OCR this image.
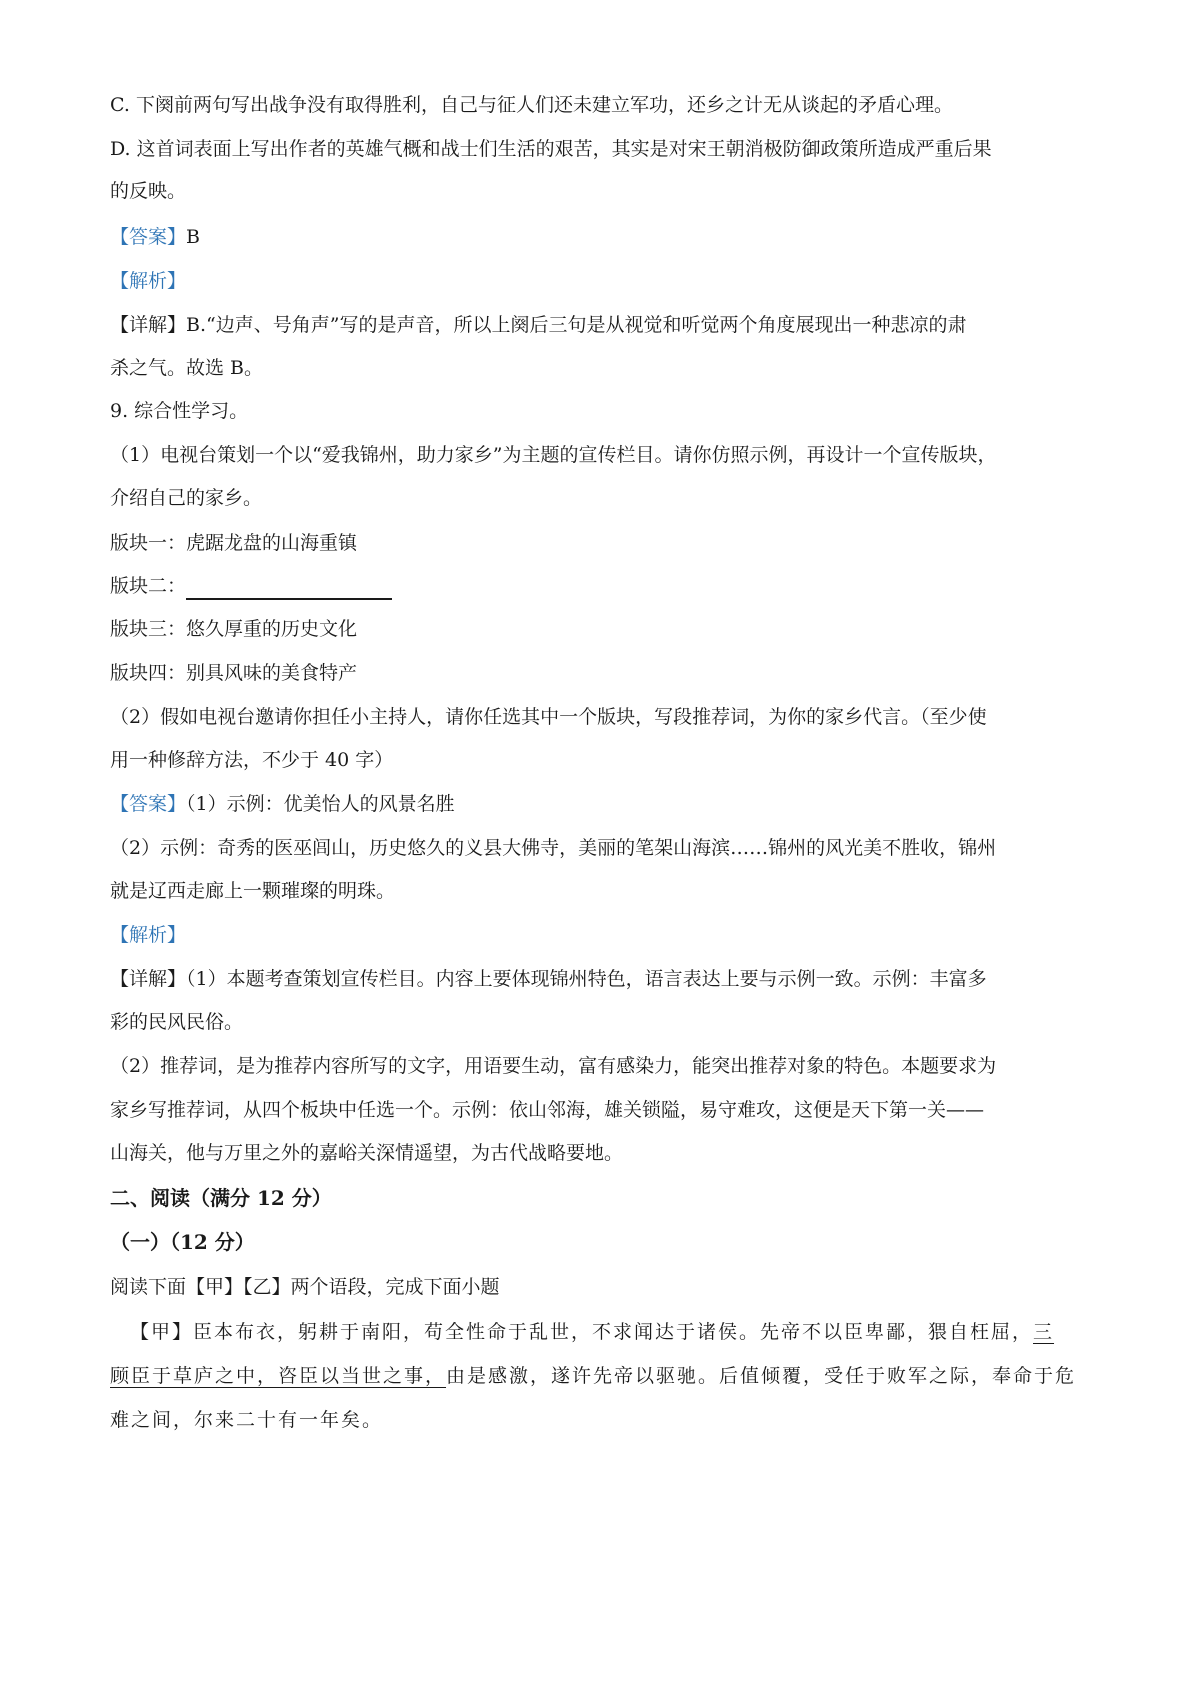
C. 下阕前两句写出战争没有取得胜利，自己与征人们还未建立军功，还乡之计无从谈起的矛盾心理。
D. 这首词表面上写出作者的英雄气概和战士们生活的艰苦，其实是对宋王朝消极防御政策所造成严重后果
的反映。
【答案】B
【解析】
【详解】B.“边声、号角声”写的是声音，所以上阕后三句是从视觉和听觉两个角度展现出一种悲凉的肃
杀之气。故选 B。
9. 综合性学习。
（1）电视台策划一个以“爱我锦州，助力家乡”为主题的宣传栏目。请你仿照示例，再设计一个宣传版块，
介绍自己的家乡。
版块一：虎踞龙盘的山海重镇
版块二：
版块三：悠久厚重的历史文化
版块四：别具风味的美食特产
（2）假如电视台邀请你担任小主持人，请你任选其中一个版块，写段推荐词，为你的家乡代言。（至少使
用一种修辞方法，不少于 40 字）
【答案】（1）示例：优美怡人的风景名胜
（2）示例：奇秀的医巫闾山，历史悠久的义县大佛寺，美丽的笔架山海滨……锦州的风光美不胜收，锦州
就是辽西走廊上一颗璀璨的明珠。
【解析】
【详解】（1）本题考查策划宣传栏目。内容上要体现锦州特色，语言表达上要与示例一致。示例：丰富多
彩的民风民俗。
（2）推荐词，是为推荐内容所写的文字，用语要生动，富有感染力，能突出推荐对象的特色。本题要求为
家乡写推荐词，从四个板块中任选一个。示例：依山邻海，雄关锁隘，易守难攻，这便是天下第一关——
山海关，他与万里之外的嘉峪关深情遥望，为古代战略要地。
二、阅读（满分 12 分）
（一）（12 分）
阅读下面【甲】【乙】两个语段，完成下面小题
【甲】臣本布衣，躬耕于南阳，苟全性命于乱世，不求闻达于诸侯。先帝不以臣卑鄙，猥自枉屈，三
顾臣于草庐之中，咨臣以当世之事，由是感激，遂许先帝以驱驰。后值倾覆，受任于败军之际，奉命于危
难之间，尔来二十有一年矣。
